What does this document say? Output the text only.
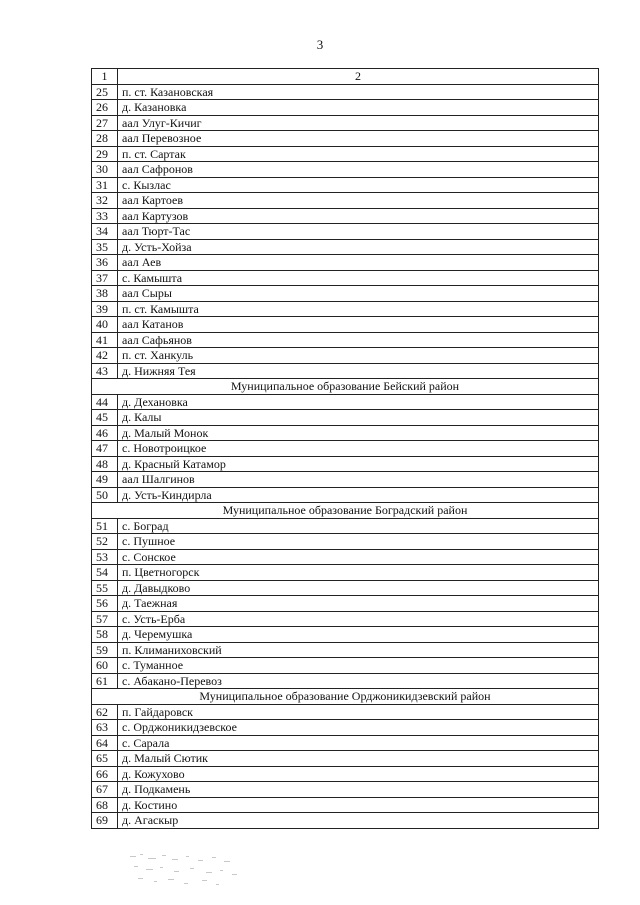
3
1	2
25	п. ст. Казановская
26	д. Казановка
27	аал Улуг-Кичиг
28	аал Перевозное
29	п. ст. Сартак
30	аал Сафронов
31	с. Кызлас
32	аал Картоев
33	аал Картузов
34	аал Тюрт-Тас
35	д. Усть-Хойза
36	аал Аев
37	с. Камышта
38	аал Сыры
39	п. ст. Камышта
40	аал Катанов
41	аал Сафьянов
42	п. ст. Ханкуль
43	д. Нижняя Тея
Муниципальное образование Бейский район	
44	д. Дехановка
45	д. Калы
46	д. Малый Монок
47	с. Новотроицкое
48	д. Красный Катамор
49	аал Шалгинов
50	д. Усть-Киндирла
Муниципальное образование Боградский район	
51	с. Боград
52	с. Пушное
53	с. Сонское
54	п. Цветногорск
55	д. Давыдково
56	д. Таежная
57	с. Усть-Ерба
58	д. Черемушка
59	п. Климаниховский
60	с. Туманное
61	с. Абакано-Перевоз
Муниципальное образование Орджоникидзевский район	
62	п. Гайдаровск
63	с. Орджоникидзевское
64	с. Сарала
65	д. Малый Сютик
66	д. Кожухово
67	д. Подкамень
68	д. Костино
69	д. Агаскыр
